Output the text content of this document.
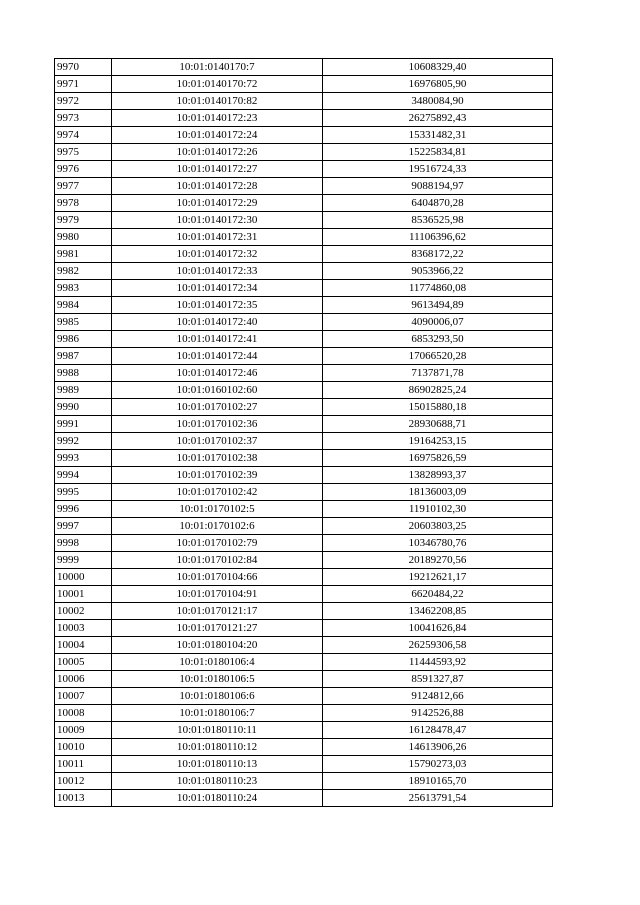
9970	10:01:0140170:7	10608329,40
9971	10:01:0140170:72	16976805,90
9972	10:01:0140170:82	3480084,90
9973	10:01:0140172:23	26275892,43
9974	10:01:0140172:24	15331482,31
9975	10:01:0140172:26	15225834,81
9976	10:01:0140172:27	19516724,33
9977	10:01:0140172:28	9088194,97
9978	10:01:0140172:29	6404870,28
9979	10:01:0140172:30	8536525,98
9980	10:01:0140172:31	11106396,62
9981	10:01:0140172:32	8368172,22
9982	10:01:0140172:33	9053966,22
9983	10:01:0140172:34	11774860,08
9984	10:01:0140172:35	9613494,89
9985	10:01:0140172:40	4090006,07
9986	10:01:0140172:41	6853293,50
9987	10:01:0140172:44	17066520,28
9988	10:01:0140172:46	7137871,78
9989	10:01:0160102:60	86902825,24
9990	10:01:0170102:27	15015880,18
9991	10:01:0170102:36	28930688,71
9992	10:01:0170102:37	19164253,15
9993	10:01:0170102:38	16975826,59
9994	10:01:0170102:39	13828993,37
9995	10:01:0170102:42	18136003,09
9996	10:01:0170102:5	11910102,30
9997	10:01:0170102:6	20603803,25
9998	10:01:0170102:79	10346780,76
9999	10:01:0170102:84	20189270,56
10000	10:01:0170104:66	19212621,17
10001	10:01:0170104:91	6620484,22
10002	10:01:0170121:17	13462208,85
10003	10:01:0170121:27	10041626,84
10004	10:01:0180104:20	26259306,58
10005	10:01:0180106:4	11444593,92
10006	10:01:0180106:5	8591327,87
10007	10:01:0180106:6	9124812,66
10008	10:01:0180106:7	9142526,88
10009	10:01:0180110:11	16128478,47
10010	10:01:0180110:12	14613906,26
10011	10:01:0180110:13	15790273,03
10012	10:01:0180110:23	18910165,70
10013	10:01:0180110:24	25613791,54
